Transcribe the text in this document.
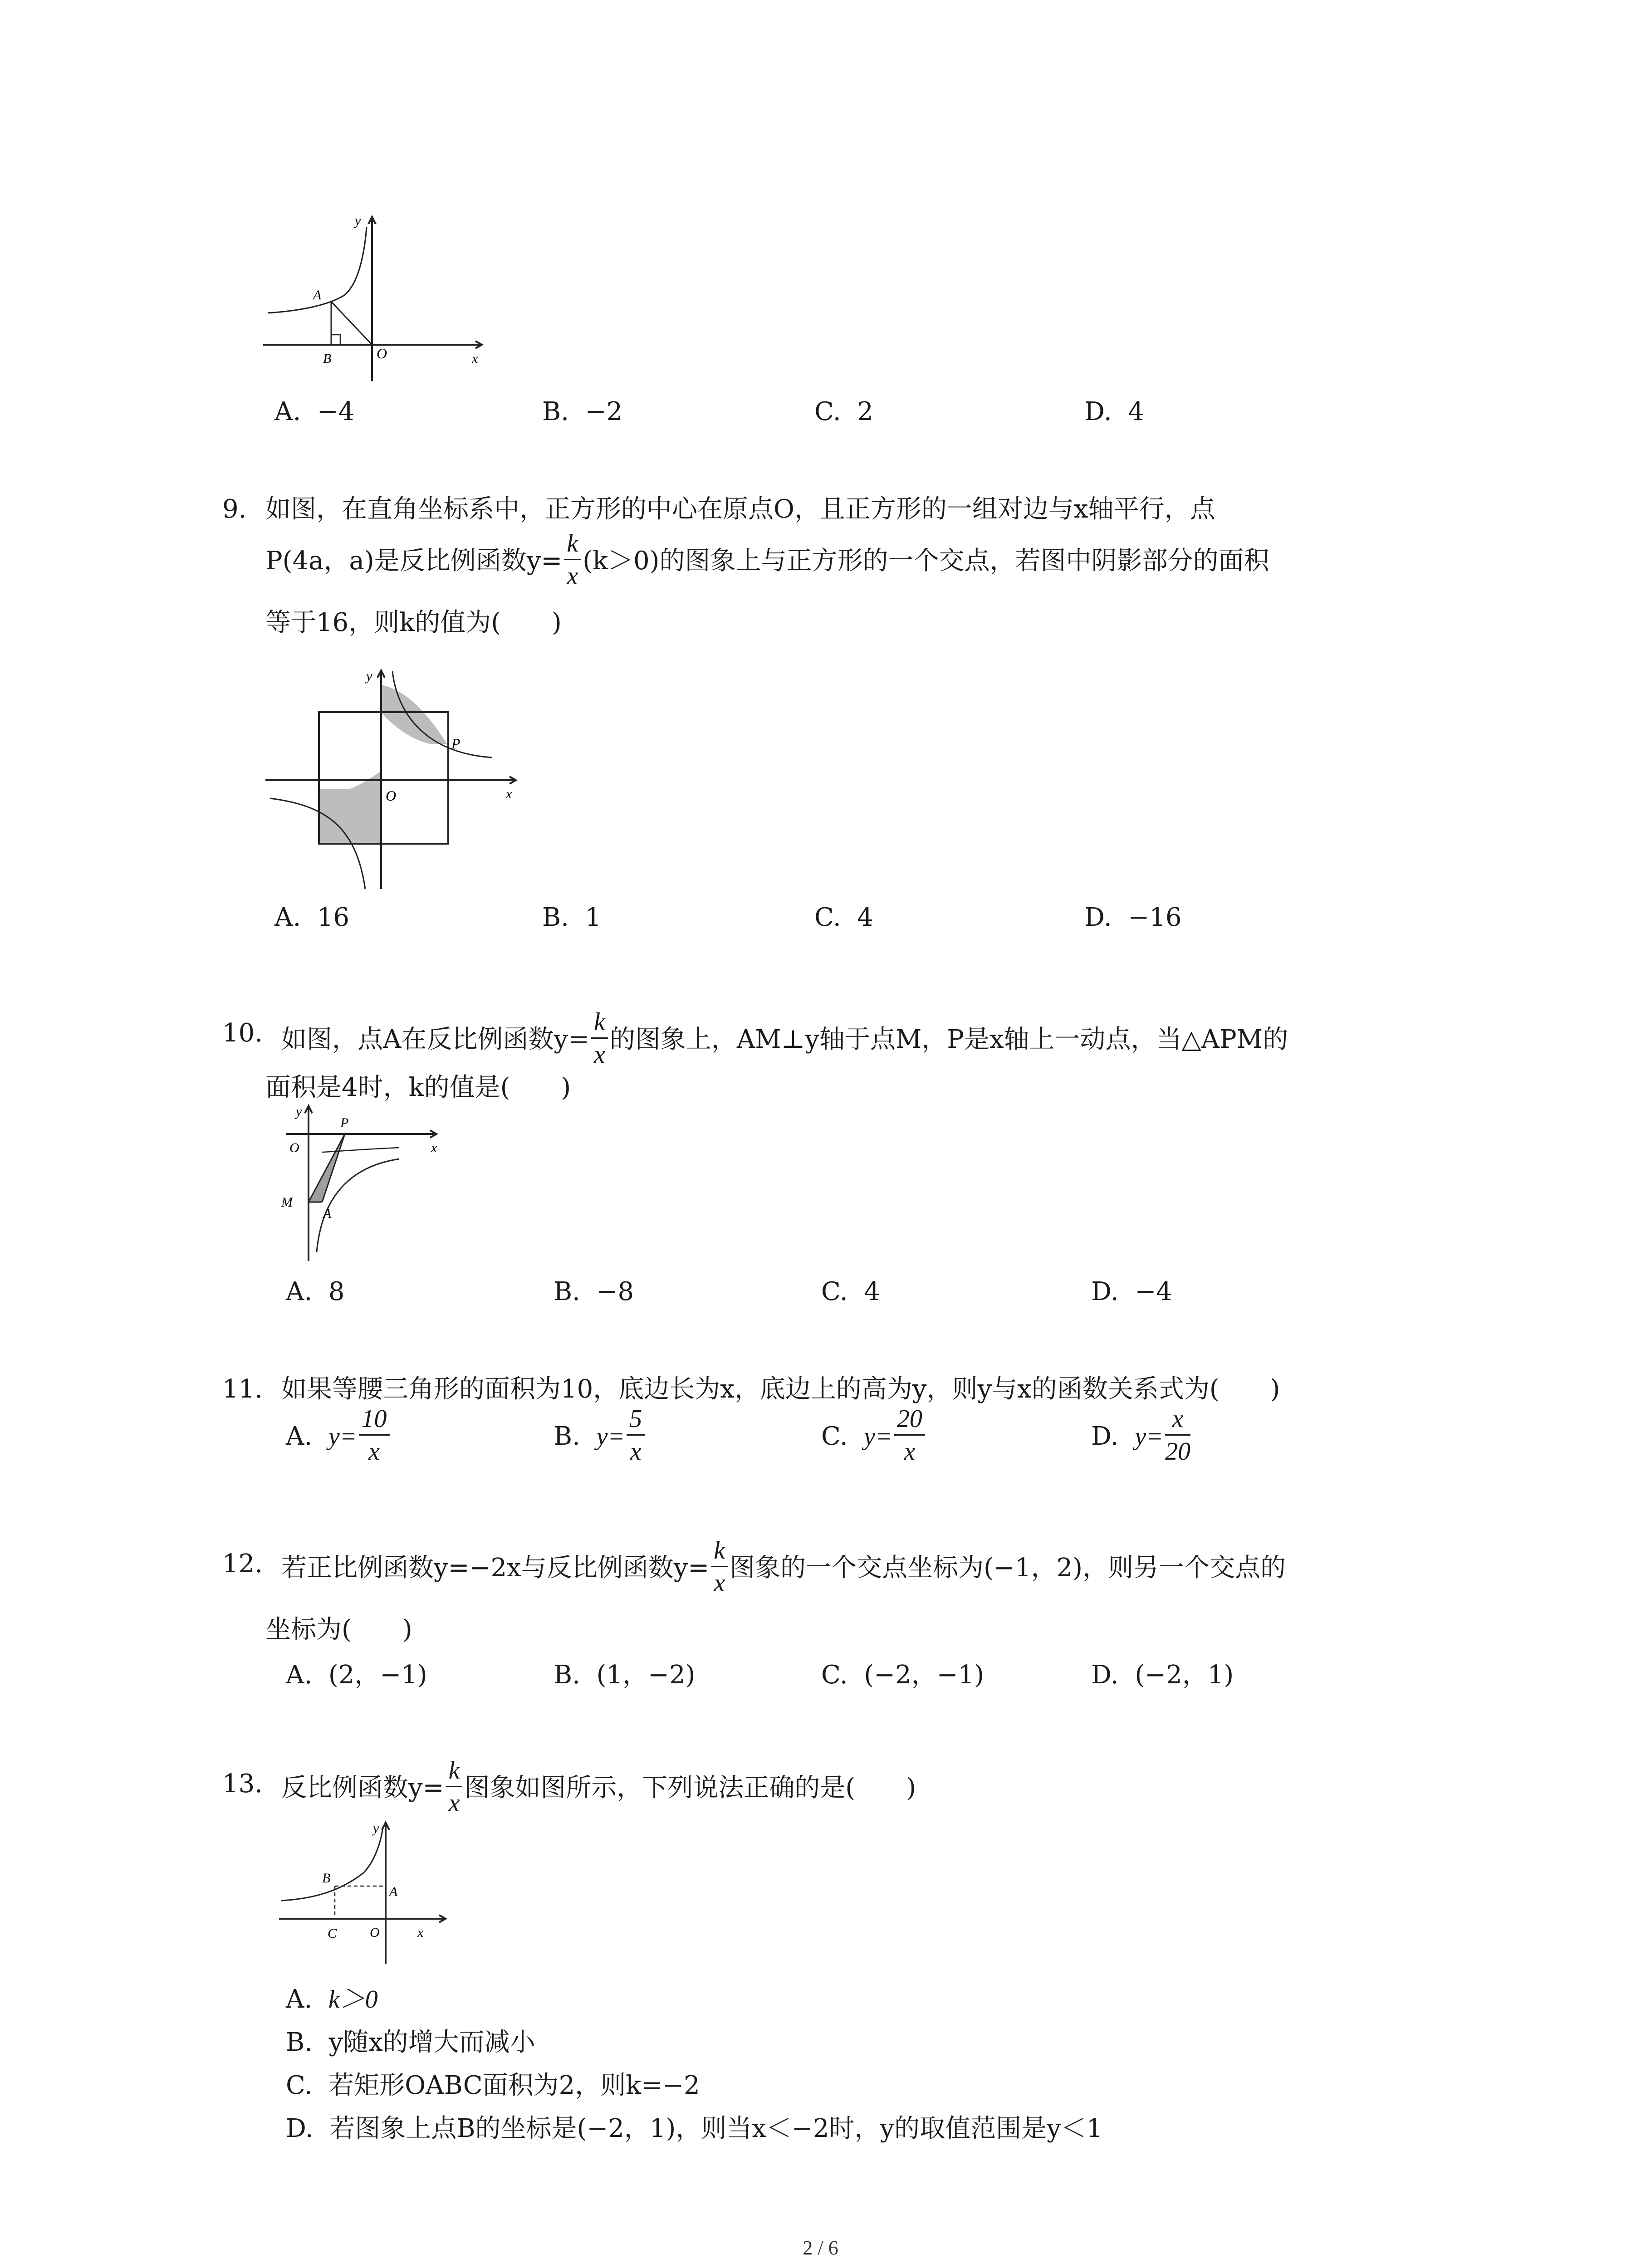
y
x
A
B	O
A. −4	B. −2	C. 2	D. 4
9. 如图，在直角坐标系中，正方形的中心在原点O，且正方形的一组对边与x轴平行，点
P(4a，a)是反比例函数$y= \frac{k}{x} (k>0)$的图象上与正方形的一个交点，若图中阴影部分的面积
等于16，则k的值为(　　)
y
x
O
P
A. 16	B. 1	C. 4	D. −16
10. 如图，点A在反比例函数$y= \frac{k}{x}$ 的图象上，AM⊥y轴于点M，P是x轴上一动点，当△APM的
面积是4时，k的值是(　　)
y
x
O
P
M
A
A. 8	B. −8	C. 4	D. −4
11. 如果等腰三角形的面积为10，底边长为x，底边上的高为y，则y与x的函数关系式为(　　)
A. $y= \frac{10}{x}$	B. $y= \frac{5}{x}$	C. $y= \frac{20}{x}$	D. $y= \frac{x}{20}$
12. 若正比例函数y=−2x与反比例函数$y= \frac{k}{x}$ 图象的一个交点坐标为(−1，2)，则另一个交点的
坐标为(　　)
A. (2，−1)	B. (1，−2)	C. (−2，−1)	D. (−2，1)
13. 反比例函数$y= \frac{k}{x}$ 图象如图所示，下列说法正确的是(　　)
y
x
O
A
B
C
A. k＞0
B. y随x的增大而减小
C. 若矩形OABC面积为2，则k=−2
D. 若图象上点B的坐标是(−2，1)，则当x＜−2时，y的取值范围是y＜1
2 / 6
